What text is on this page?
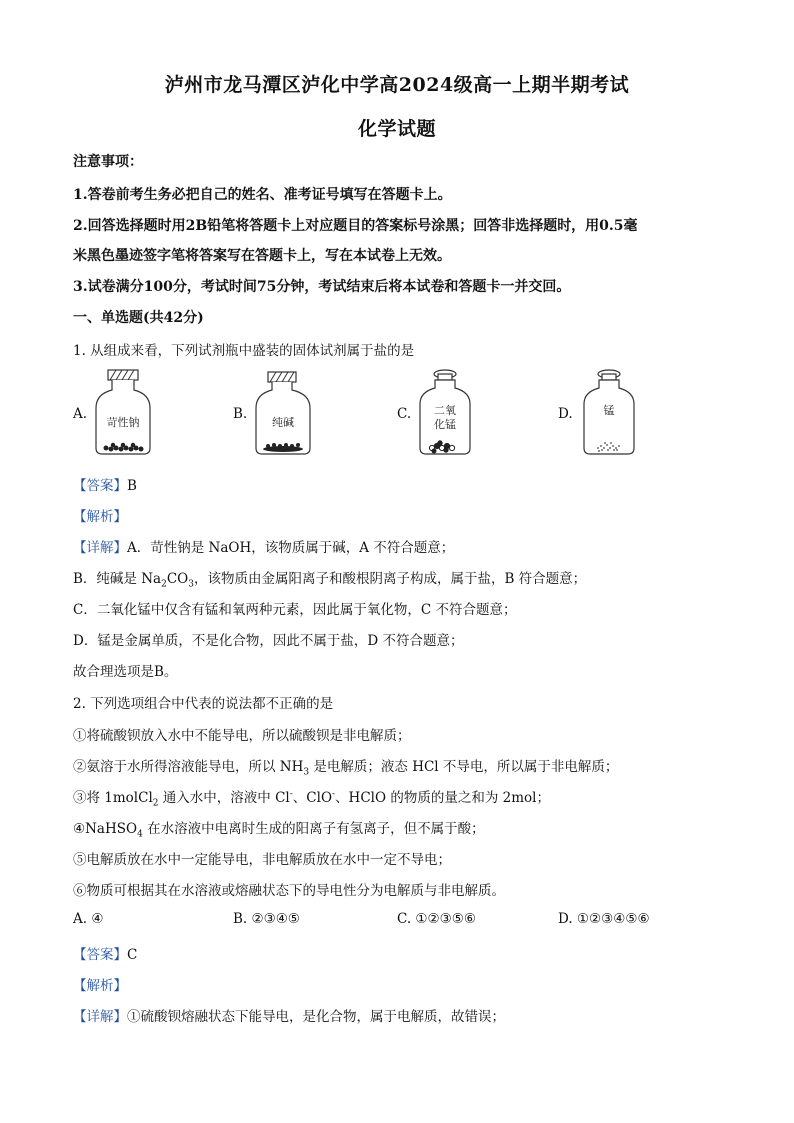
泸州市龙马潭区泸化中学高2024级高一上期半期考试
化学试题
注意事项：
1.答卷前考生务必把自己的姓名、准考证号填写在答题卡上。
2.回答选择题时用2B铅笔将答题卡上对应题目的答案标号涂黑；回答非选择题时，用0.5毫
米黑色墨迹签字笔将答案写在答题卡上，写在本试卷上无效。
3.试卷满分100分，考试时间75分钟，考试结束后将本试卷和答题卡一并交回。
一、单选题(共42分)
1. 从组成来看，下列试剂瓶中盛装的固体试剂属于盐的是
A.
苛性钠
B.
纯碱
C. 二氧
化锰
D.	锰
【答案】B
【解析】
【详解】A．苛性钠是 NaOH，该物质属于碱，A 不符合题意；
B．纯碱是 $Na_2CO_3$，该物质由金属阳离子和酸根阴离子构成，属于盐，B 符合题意；
C．二氧化锰中仅含有锰和氧两种元素，因此属于氧化物，C 不符合题意；
D．锰是金属单质，不是化合物，因此不属于盐，D 不符合题意；
故合理选项是B。
2. 下列选项组合中代表的说法都不正确的是
①将硫酸钡放入水中不能导电，所以硫酸钡是非电解质；
②氨溶于水所得溶液能导电，所以 $NH_3$ 是电解质；液态 HCl 不导电，所以属于非电解质；
③将 1molCl$_2$ 通入水中，溶液中 Cl-、ClO-、HClO 的物质的量之和为 2mol；
④NaHSO$_4$ 在水溶液中电离时生成的阳离子有氢离子，但不属于酸；
⑤电解质放在水中一定能导电，非电解质放在水中一定不导电；
⑥物质可根据其在水溶液或熔融状态下的导电性分为电解质与非电解质。
A. ④	B. ②③④⑤	C. ①②③⑤⑥	D. ①②③④⑤⑥
【答案】C
【解析】
【详解】①硫酸钡熔融状态下能导电，是化合物，属于电解质，故错误；
